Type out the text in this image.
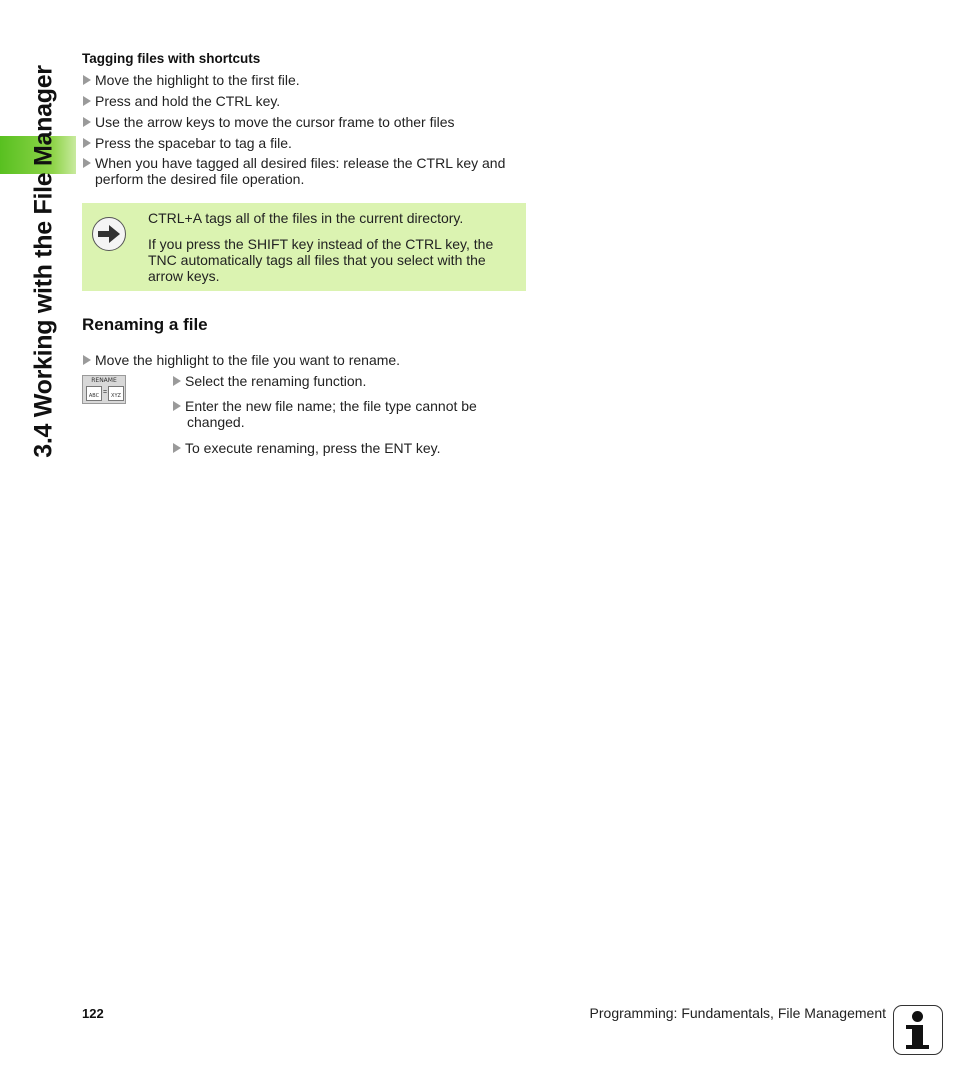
3.4 Working with the File Manager
Tagging files with shortcuts
Move the highlight to the first file.
Press and hold the CTRL key.
Use the arrow keys to move the cursor frame to other files
Press the spacebar to tag a file.
When you have tagged all desired files: release the CTRL key and
perform the desired file operation.
CTRL+A tags all of the files in the current directory.
If you press the SHIFT key instead of the CTRL key, the
TNC automatically tags all files that you select with the
arrow keys.
Renaming a file
Move the highlight to the file you want to rename.
RENAME
ABC = XYZ
Select the renaming function.
Enter the new file name; the file type cannot be
changed.
To execute renaming, press the ENT key.
122	Programming: Fundamentals, File Management
